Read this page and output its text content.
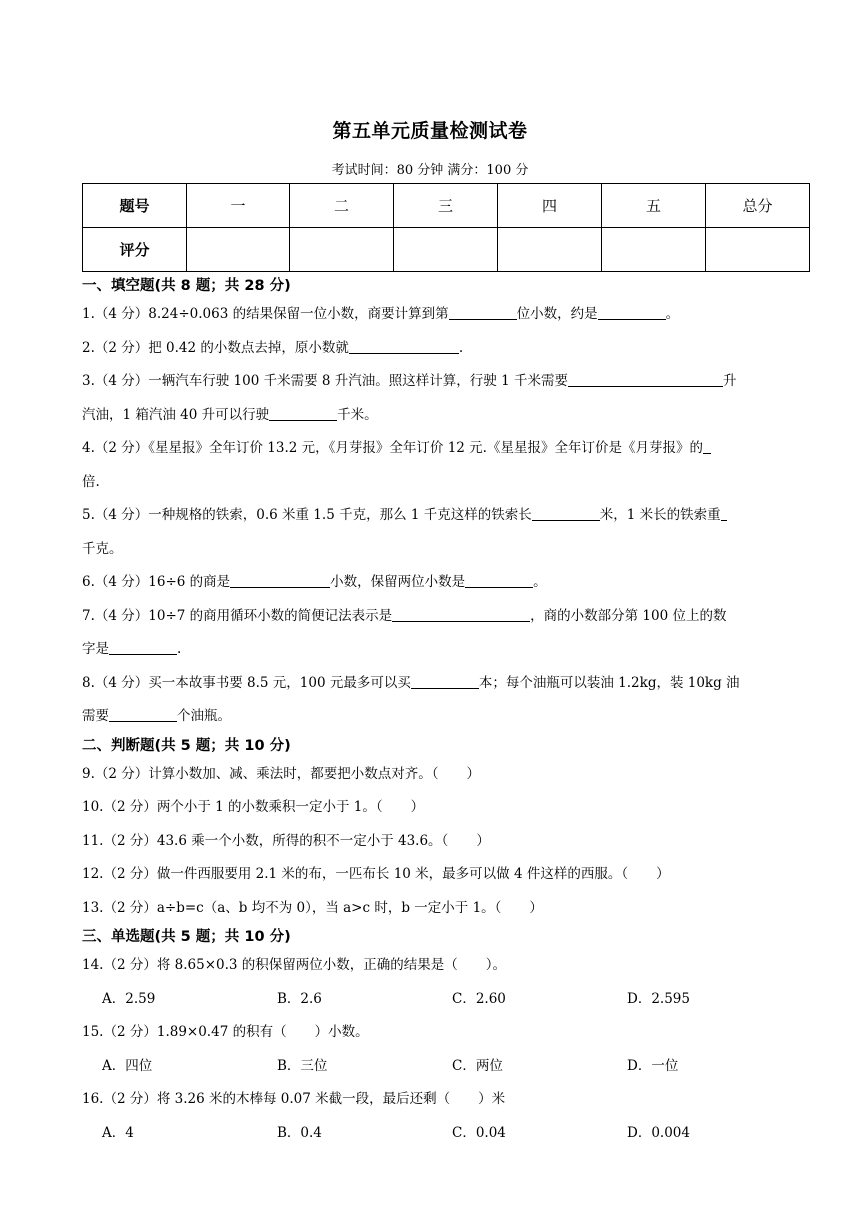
第五单元质量检测试卷
考试时间：80 分钟 满分：100 分
题号	一	二	三	四	五	总分
评分						
一、填空题(共 8 题；共 28 分)
1.（4 分）8.24÷0.063 的结果保留一位小数，商要计算到第	位小数，约是	。
2.（2 分）把 0.42 的小数点去掉，原小数就	.
3.（4 分）一辆汽车行驶 100 千米需要 8 升汽油。照这样计算，行驶 1 千米需要	升
汽油，1 箱汽油 40 升可以行驶	千米。
4.（2 分）《星星报》全年订价 13.2 元，《月芽报》全年订价 12 元.《星星报》全年订价是《月芽报》的
倍.
5.（4 分）一种规格的铁索，0.6 米重 1.5 千克，那么 1 千克这样的铁索长	米，1 米长的铁索重
千克。
6.（4 分）16÷6 的商是	小数，保留两位小数是	。
7.（4 分）10÷7 的商用循环小数的简便记法表示是	，商的小数部分第 100 位上的数
字是	.
8.（4 分）买一本故事书要 8.5 元，100 元最多可以买	本；每个油瓶可以装油 1.2kg，装 10kg 油
需要	个油瓶。
二、判断题(共 5 题；共 10 分)
9.（2 分）计算小数加、减、乘法时，都要把小数点对齐。（ ）
10.（2 分）两个小于 1 的小数乘积一定小于 1。（ ）
11.（2 分）43.6 乘一个小数，所得的积不一定小于 43.6。（ ）
12.（2 分）做一件西服要用 2.1 米的布，一匹布长 10 米，最多可以做 4 件这样的西服。（ ）
13.（2 分）a÷b=c（a、b 均不为 0），当 a>c 时，b 一定小于 1。（ ）
三、单选题(共 5 题；共 10 分)
14.（2 分）将 8.65×0.3 的积保留两位小数，正确的结果是（ ）。
A．2.59	B．2.6	C．2.60	D．2.595
15.（2 分）1.89×0.47 的积有（ ）小数。
A．四位	B．三位	C．两位	D．一位
16.（2 分）将 3.26 米的木棒每 0.07 米截一段，最后还剩（ ）米
A．4	B．0.4	C．0.04	D．0.004
